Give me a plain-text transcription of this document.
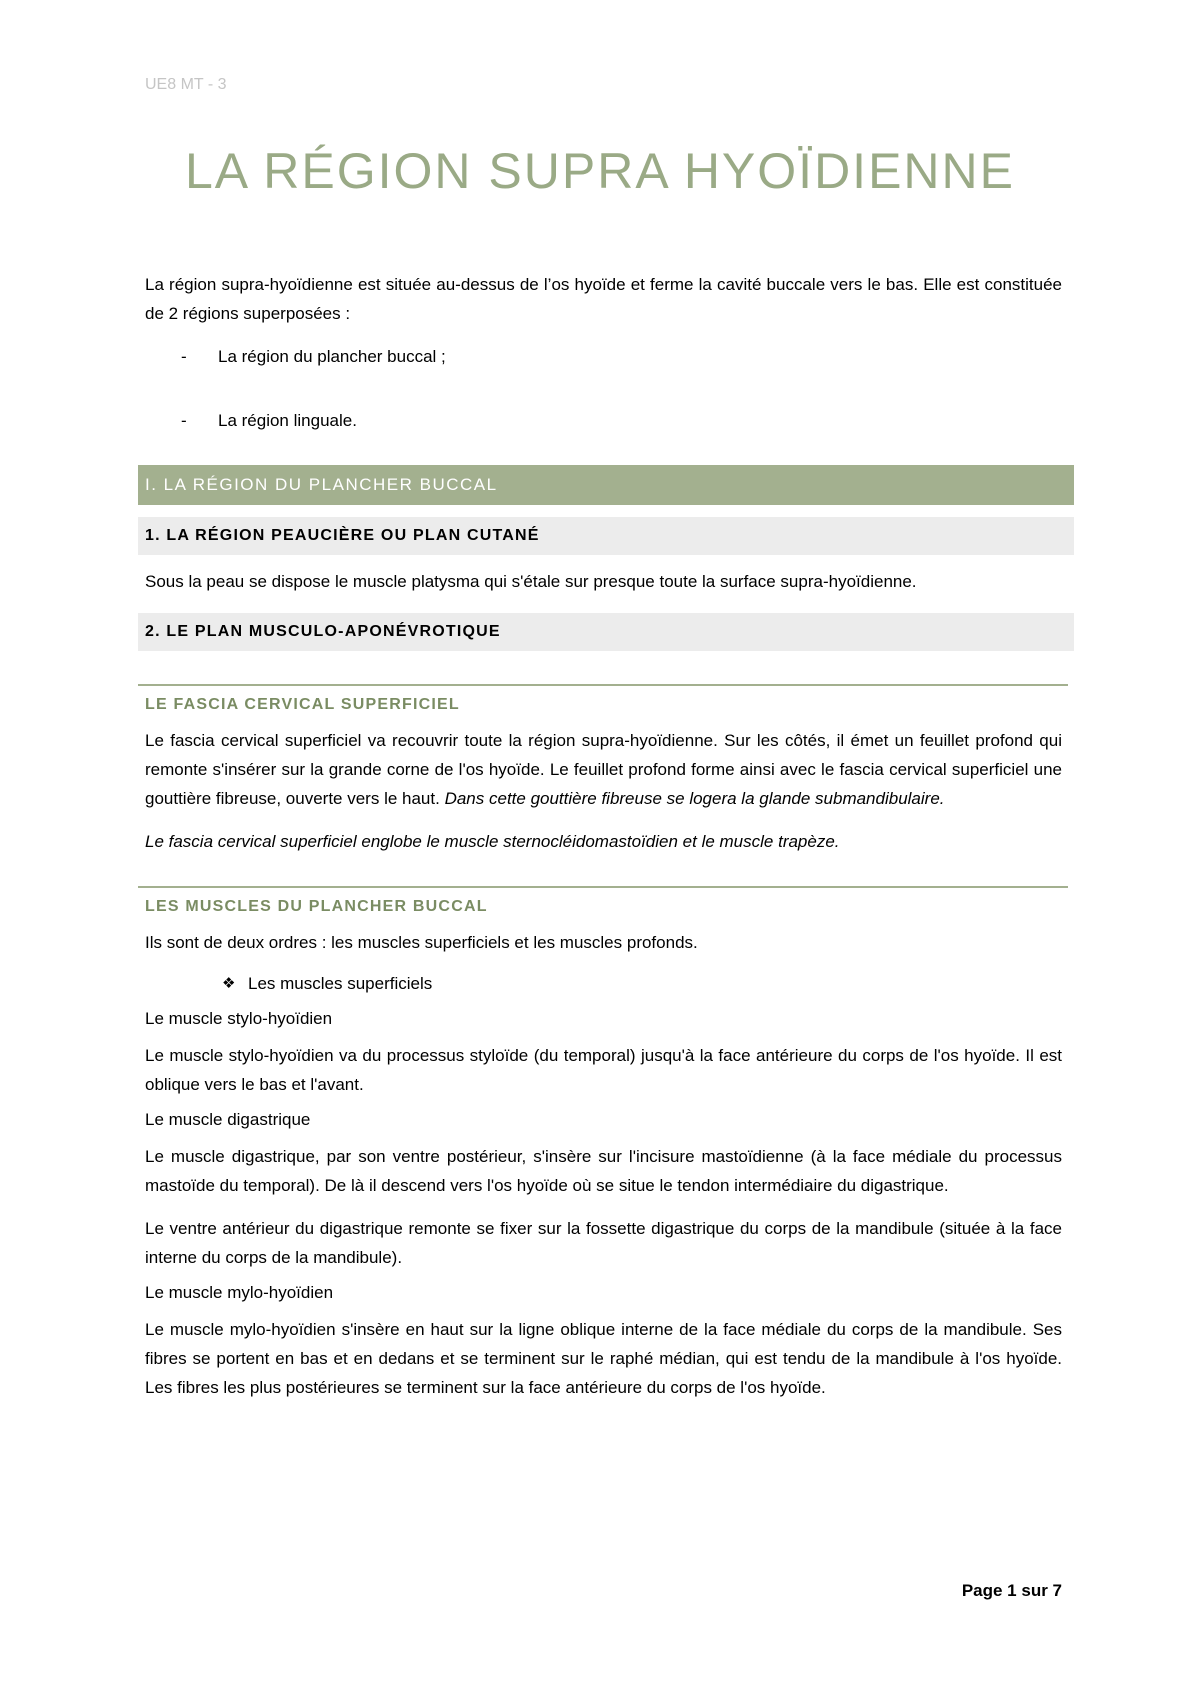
UE8 MT - 3
LA RÉGION SUPRA HYOÏDIENNE

La région supra-hyoïdienne est située au-dessus de l’os hyoïde et ferme la cavité buccale vers le bas. Elle est constituée de 2 régions superposées :

- La région du plancher buccal ;
- La région linguale.
I. LA RÉGION DU PLANCHER BUCCAL
1. LA RÉGION PEAUCIÈRE OU PLAN CUTANÉ

Sous la peau se dispose le muscle platysma qui s'étale sur presque toute la surface supra-hyoïdienne.

2. LE PLAN MUSCULO-APONÉVROTIQUE
LE FASCIA CERVICAL SUPERFICIEL

Le fascia cervical superficiel va recouvrir toute la région supra-hyoïdienne. Sur les côtés, il émet un feuillet profond qui remonte s'insérer sur la grande corne de l'os hyoïde. Le feuillet profond forme ainsi avec le fascia cervical superficiel une gouttière fibreuse, ouverte vers le haut. Dans cette gouttière fibreuse se logera la glande submandibulaire.

Le fascia cervical superficiel englobe le muscle sternocléidomastoïdien et le muscle trapèze.

LES MUSCLES DU PLANCHER BUCCAL

Ils sont de deux ordres : les muscles superficiels et les muscles profonds.

❖ Les muscles superficiels
Le muscle stylo-hyoïdien

Le muscle stylo-hyoïdien va du processus styloïde (du temporal) jusqu'à la face antérieure du corps de l'os hyoïde. Il est oblique vers le bas et l'avant.

Le muscle digastrique

Le muscle digastrique, par son ventre postérieur, s'insère sur l'incisure mastoïdienne (à la face médiale du processus mastoïde du temporal). De là il descend vers l'os hyoïde où se situe le tendon intermédiaire du digastrique.

Le ventre antérieur du digastrique remonte se fixer sur la fossette digastrique du corps de la mandibule (située à la face interne du corps de la mandibule).

Le muscle mylo-hyoïdien

Le muscle mylo-hyoïdien s'insère en haut sur la ligne oblique interne de la face médiale du corps de la mandibule. Ses fibres se portent en bas et en dedans et se terminent sur le raphé médian, qui est tendu de la mandibule à l'os hyoïde. Les fibres les plus postérieures se terminent sur la face antérieure du corps de l'os hyoïde.

Page 1 sur 7
